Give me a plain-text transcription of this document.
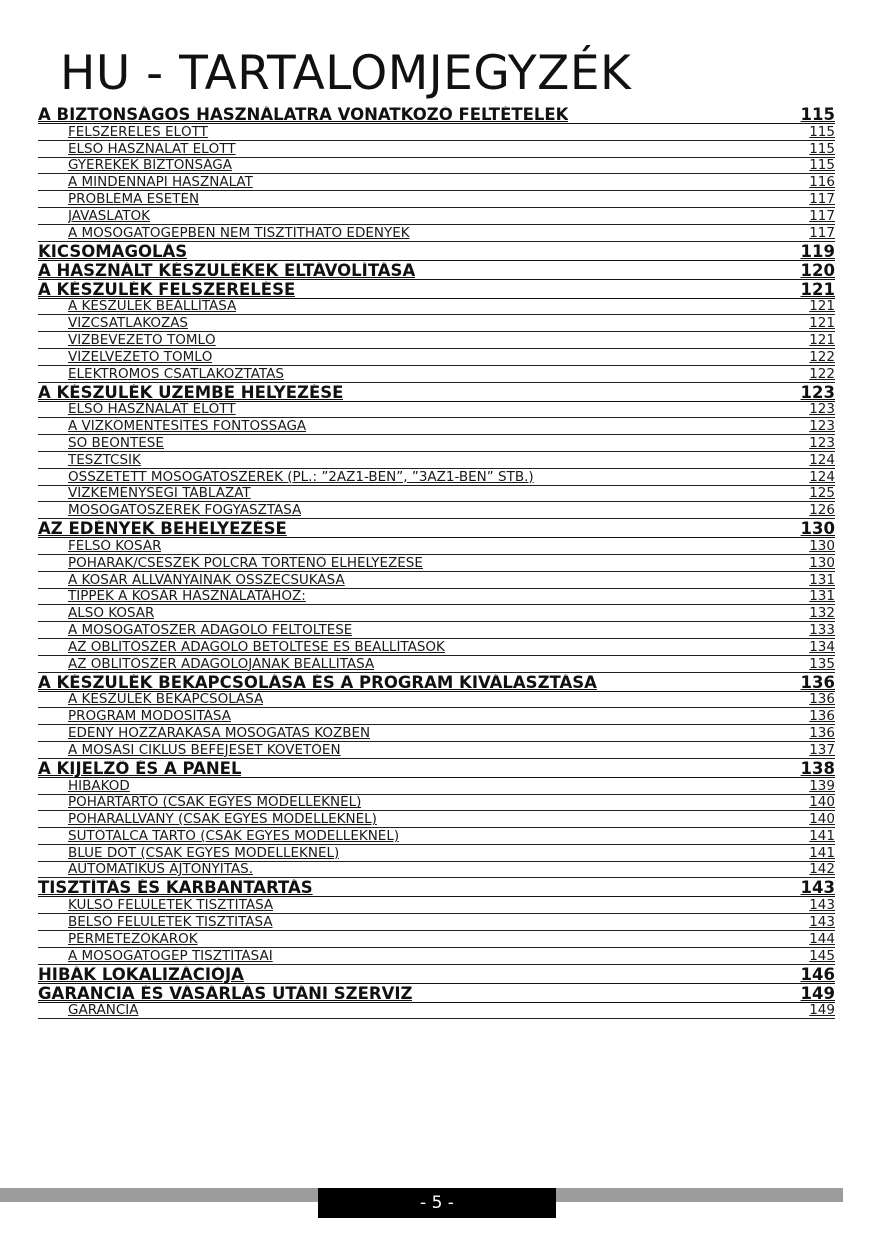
HU - TARTALOMJEGYZÉK
A BIZTONSÁGOS HASZNÁLATRA VONATKOZÓ FELTÉTELEK	115
FELSZERELÉS ELŐTT	115
ELSŐ HASZNÁLAT ELŐTT	115
GYEREKEK BIZTONSÁGA	115
A MINDENNAPI HASZNÁLAT	116
PROBLÉMA ESETÉN	117
JAVASLATOK	117
A MOSOGATÓGÉPBEN NEM TISZTÍTHATÓ EDÉNYEK	117
KICSOMAGOLÁS	119
A HASZNÁLT KÉSZÜLÉKEK ELTÁVOLÍTÁSA	120
A KÉSZÜLÉK FELSZERELÉSE	121
A KÉSZÜLÉK BEÁLLÍTÁSA	121
VÍZCSATLAKOZÁS	121
VÍZBEVEZETŐ TÖMLŐ	121
VÍZELVEZETŐ TÖMLŐ	122
ELEKTROMOS CSATLAKOZTATÁS	122
A KÉSZÜLÉK ÜZEMBE HELYEZÉSE	123
ELSŐ HASZNÁLAT ELŐTT	123
A VÍZKŐMENTESÍTÉS FONTOSSÁGA	123
SÓ BEÖNTÉSE	123
TESZTCSÍK	124
ÖSSZETETT MOSOGATÓSZEREK (PL.: ”2AZ1-BEN”, ”3AZ1-BEN” STB.)	124
VÍZKEMÉNYSÉGI TÁBLÁZAT	125
MOSOGATÓSZEREK FOGYASZTÁSA	126
AZ EDÉNYEK BEHELYEZÉSE	130
FELSŐ KOSÁR	130
POHARAK/CSÉSZÉK POLCRA TÖRTÉNŐ ELHELYEZÉSE	130
A KOSÁR ÁLLVÁNYAINAK ÖSSZECSUKÁSA	131
TIPPEK A KOSÁR HASZNÁLATÁHOZ:	131
ALSÓ KOSÁR	132
A MOSOGATÓSZER ADAGOLÓ FELTÖLTÉSE	133
AZ ÖBLÍTŐSZER ADAGOLÓ BETÖLTÉSE ÉS BEÁLLÍTÁSOK	134
AZ ÖBLÍTŐSZER ADAGOLÓJÁNAK BEÁLLÍTÁSA	135
A KÉSZÜLÉK BEKAPCSOLÁSA ÉS A PROGRAM KIVÁLASZTÁSA	136
A KÉSZÜLÉK BEKAPCSOLÁSA	136
PROGRAM MÓDOSÍTÁSA	136
EDÉNY HOZZÁRAKÁSA MOSOGATÁS KÖZBEN	136
A MOSÁSI CIKLUS BEFEJESÉT KÖVETŐEN	137
A KIJELZŐ ÉS A PANEL	138
HIBAKÓD	139
POHÁRTARTÓ (CSAK EGYES MODELLEKNÉL)	140
POHÁRÁLLVÁNY (CSAK EGYES MODELLEKNÉL)	140
SÜTŐTÁLCA TARTÓ (CSAK EGYES MODELLEKNÉL)	141
BLUE DOT (CSAK EGYES MODELLEKNÉL)	141
AUTOMATIKUS AJTÓNYITÁS.	142
TISZTÍTÁS ÉS KARBANTARTÁS	143
KÜLSŐ FELÜLETEK TISZTÍTÁSA	143
BELSŐ FELÜLETEK TISZTÍTÁSA	143
PERMETEZŐKAROK	144
A MOSOGATÓGÉP TISZTÍTÁSAI	145
HIBÁK LOKALIZÁCIÓJA	146
GARANCIA ÉS VÁSÁRLÁS UTÁNI SZERVIZ	149
GARANCIA	149
- 5 -
